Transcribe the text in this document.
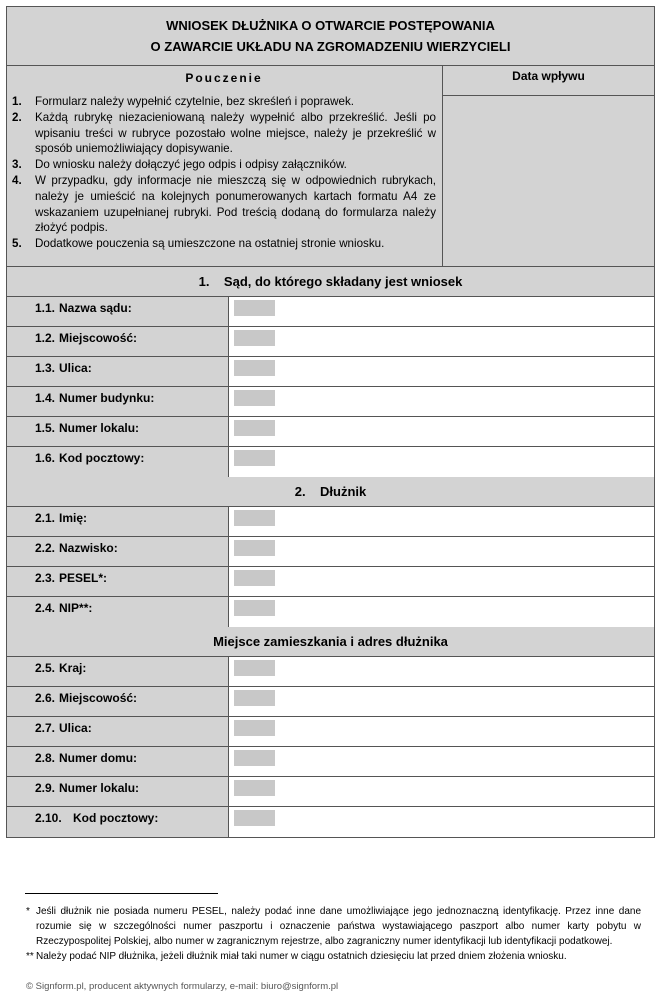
WNIOSEK DŁUŻNIKA O OTWARCIE POSTĘPOWANIA
O ZAWARCIE UKŁADU NA ZGROMADZENIU WIERZYCIELI
Pouczenie
1.	Formularz należy wypełnić czytelnie, bez skreśleń i poprawek.
2.	Każdą rubrykę niezacieniowaną należy wypełnić albo przekreślić. Jeśli po wpisaniu treści w rubryce pozostało wolne miejsce, należy je przekreślić w sposób uniemożliwiający dopisywanie.
3.	Do wniosku należy dołączyć jego odpis i odpisy załączników.
4.	W przypadku, gdy informacje nie mieszczą się w odpowiednich rubrykach, należy je umieścić na kolejnych ponumerowanych kartach formatu A4 ze wskazaniem uzupełnianej rubryki. Pod treścią dodaną do formularza należy złożyć podpis.
5.	Dodatkowe pouczenia są umieszczone na ostatniej stronie wniosku.
Data wpływu
1.    Sąd, do którego składany jest wniosek
1.1. Nazwa sądu:
1.2. Miejscowość:
1.3. Ulica:
1.4. Numer budynku:
1.5. Numer lokalu:
1.6. Kod pocztowy:
2.    Dłużnik
2.1. Imię:
2.2. Nazwisko:
2.3. PESEL*:
2.4. NIP**:
Miejsce zamieszkania i adres dłużnika
2.5. Kraj:
2.6. Miejscowość:
2.7. Ulica:
2.8. Numer domu:
2.9. Numer lokalu:
2.10. Kod pocztowy:
* Jeśli dłużnik nie posiada numeru PESEL, należy podać inne dane umożliwiające jego jednoznaczną identyfikację. Przez inne dane rozumie się w szczególności numer paszportu i oznaczenie państwa wystawiającego paszport albo numer karty pobytu w Rzeczypospolitej Polskiej, albo numer w zagranicznym rejestrze, albo zagraniczny numer identyfikacji lub identyfikacji podatkowej.
** Należy podać NIP dłużnika, jeżeli dłużnik miał taki numer w ciągu ostatnich dziesięciu lat przed dniem złożenia wniosku.
© Signform.pl, producent aktywnych formularzy, e-mail: biuro@signform.pl
